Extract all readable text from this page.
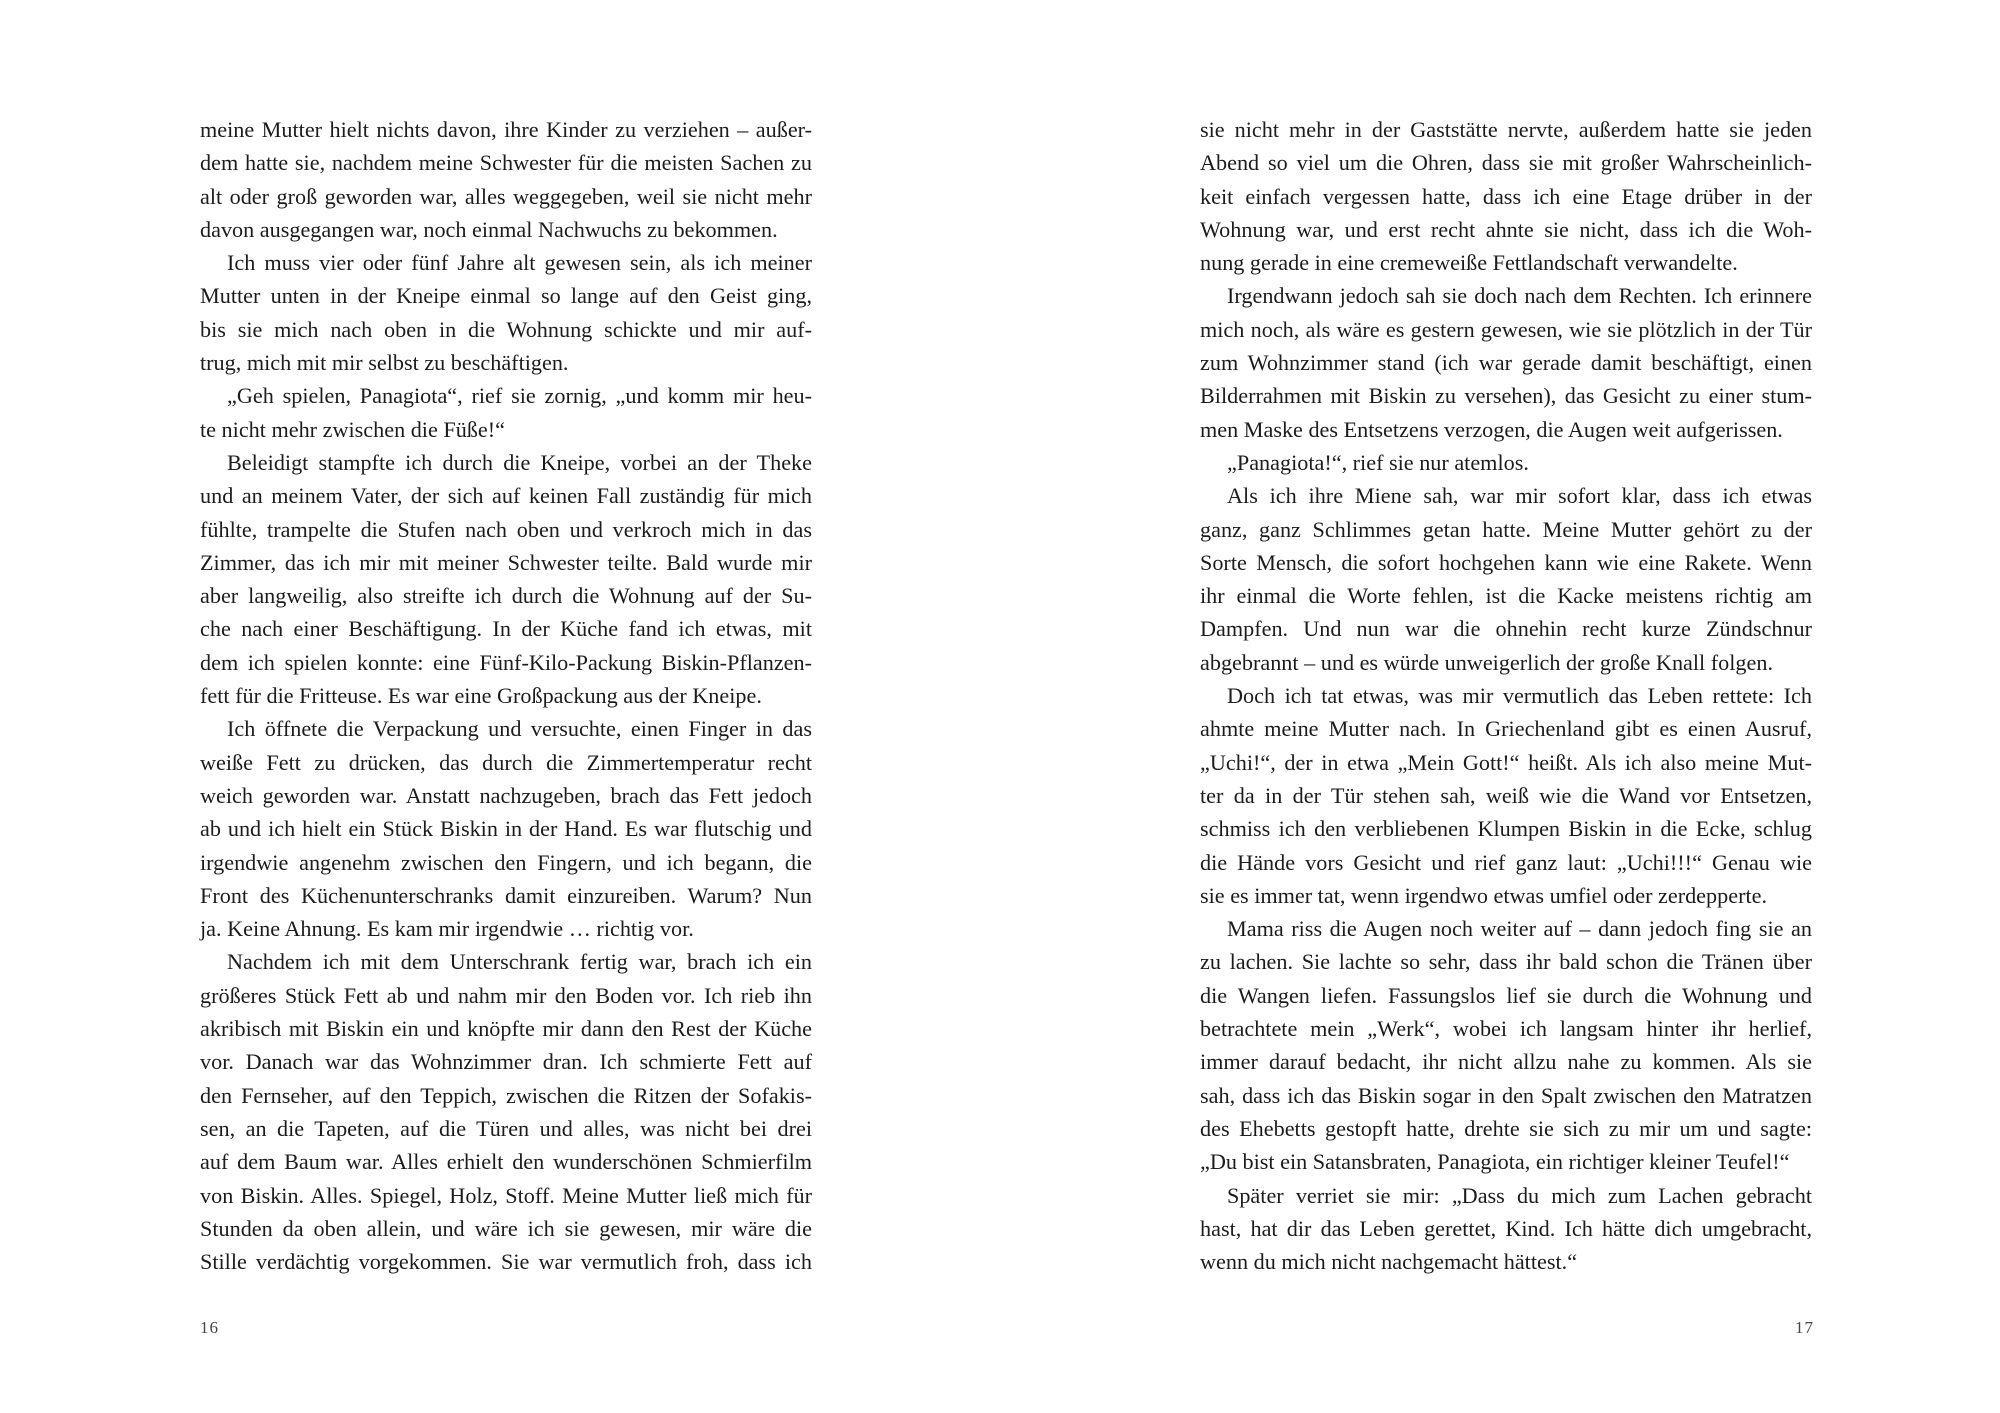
meine Mutter hielt nichts davon, ihre Kinder zu verziehen – außer-
dem hatte sie, nachdem meine Schwester für die meisten Sachen zu
alt oder groß geworden war, alles weggegeben, weil sie nicht mehr
davon ausgegangen war, noch einmal Nachwuchs zu bekommen.
Ich muss vier oder fünf Jahre alt gewesen sein, als ich meiner
Mutter unten in der Kneipe einmal so lange auf den Geist ging,
bis sie mich nach oben in die Wohnung schickte und mir auf-
trug, mich mit mir selbst zu beschäftigen.
„Geh spielen, Panagiota“, rief sie zornig, „und komm mir heu-
te nicht mehr zwischen die Füße!“
Beleidigt stampfte ich durch die Kneipe, vorbei an der Theke
und an meinem Vater, der sich auf keinen Fall zuständig für mich
fühlte, trampelte die Stufen nach oben und verkroch mich in das
Zimmer, das ich mir mit meiner Schwester teilte. Bald wurde mir
aber langweilig, also streifte ich durch die Wohnung auf der Su-
che nach einer Beschäftigung. In der Küche fand ich etwas, mit
dem ich spielen konnte: eine Fünf-Kilo-Packung Biskin-Pflanzen-
fett für die Fritteuse. Es war eine Großpackung aus der Kneipe.
Ich öffnete die Verpackung und versuchte, einen Finger in das
weiße Fett zu drücken, das durch die Zimmertemperatur recht
weich geworden war. Anstatt nachzugeben, brach das Fett jedoch
ab und ich hielt ein Stück Biskin in der Hand. Es war flutschig und
irgendwie angenehm zwischen den Fingern, und ich begann, die
Front des Küchenunterschranks damit einzureiben. Warum? Nun
ja. Keine Ahnung. Es kam mir irgendwie … richtig vor.
Nachdem ich mit dem Unterschrank fertig war, brach ich ein
größeres Stück Fett ab und nahm mir den Boden vor. Ich rieb ihn
akribisch mit Biskin ein und knöpfte mir dann den Rest der Küche
vor. Danach war das Wohnzimmer dran. Ich schmierte Fett auf
den Fernseher, auf den Teppich, zwischen die Ritzen der Sofakis-
sen, an die Tapeten, auf die Türen und alles, was nicht bei drei
auf dem Baum war. Alles erhielt den wunderschönen Schmierfilm
von Biskin. Alles. Spiegel, Holz, Stoff. Meine Mutter ließ mich für
Stunden da oben allein, und wäre ich sie gewesen, mir wäre die
Stille verdächtig vorgekommen. Sie war vermutlich froh, dass ich
16
sie nicht mehr in der Gaststätte nervte, außerdem hatte sie jeden
Abend so viel um die Ohren, dass sie mit großer Wahrscheinlich-
keit einfach vergessen hatte, dass ich eine Etage drüber in der
Wohnung war, und erst recht ahnte sie nicht, dass ich die Woh-
nung gerade in eine cremeweiße Fettlandschaft verwandelte.
Irgendwann jedoch sah sie doch nach dem Rechten. Ich erinnere
mich noch, als wäre es gestern gewesen, wie sie plötzlich in der Tür
zum Wohnzimmer stand (ich war gerade damit beschäftigt, einen
Bilderrahmen mit Biskin zu versehen), das Gesicht zu einer stum-
men Maske des Entsetzens verzogen, die Augen weit aufgerissen.
„Panagiota!“, rief sie nur atemlos.
Als ich ihre Miene sah, war mir sofort klar, dass ich etwas
ganz, ganz Schlimmes getan hatte. Meine Mutter gehört zu der
Sorte Mensch, die sofort hochgehen kann wie eine Rakete. Wenn
ihr einmal die Worte fehlen, ist die Kacke meistens richtig am
Dampfen. Und nun war die ohnehin recht kurze Zündschnur
abgebrannt – und es würde unweigerlich der große Knall folgen.
Doch ich tat etwas, was mir vermutlich das Leben rettete: Ich
ahmte meine Mutter nach. In Griechenland gibt es einen Ausruf,
„Uchi!“, der in etwa „Mein Gott!“ heißt. Als ich also meine Mut-
ter da in der Tür stehen sah, weiß wie die Wand vor Entsetzen,
schmiss ich den verbliebenen Klumpen Biskin in die Ecke, schlug
die Hände vors Gesicht und rief ganz laut: „Uchi!!!“ Genau wie
sie es immer tat, wenn irgendwo etwas umfiel oder zerdepperte.
Mama riss die Augen noch weiter auf – dann jedoch fing sie an
zu lachen. Sie lachte so sehr, dass ihr bald schon die Tränen über
die Wangen liefen. Fassungslos lief sie durch die Wohnung und
betrachtete mein „Werk“, wobei ich langsam hinter ihr herlief,
immer darauf bedacht, ihr nicht allzu nahe zu kommen. Als sie
sah, dass ich das Biskin sogar in den Spalt zwischen den Matratzen
des Ehebetts gestopft hatte, drehte sie sich zu mir um und sagte:
„Du bist ein Satansbraten, Panagiota, ein richtiger kleiner Teufel!“
Später verriet sie mir: „Dass du mich zum Lachen gebracht
hast, hat dir das Leben gerettet, Kind. Ich hätte dich umgebracht,
wenn du mich nicht nachgemacht hättest.“
17
